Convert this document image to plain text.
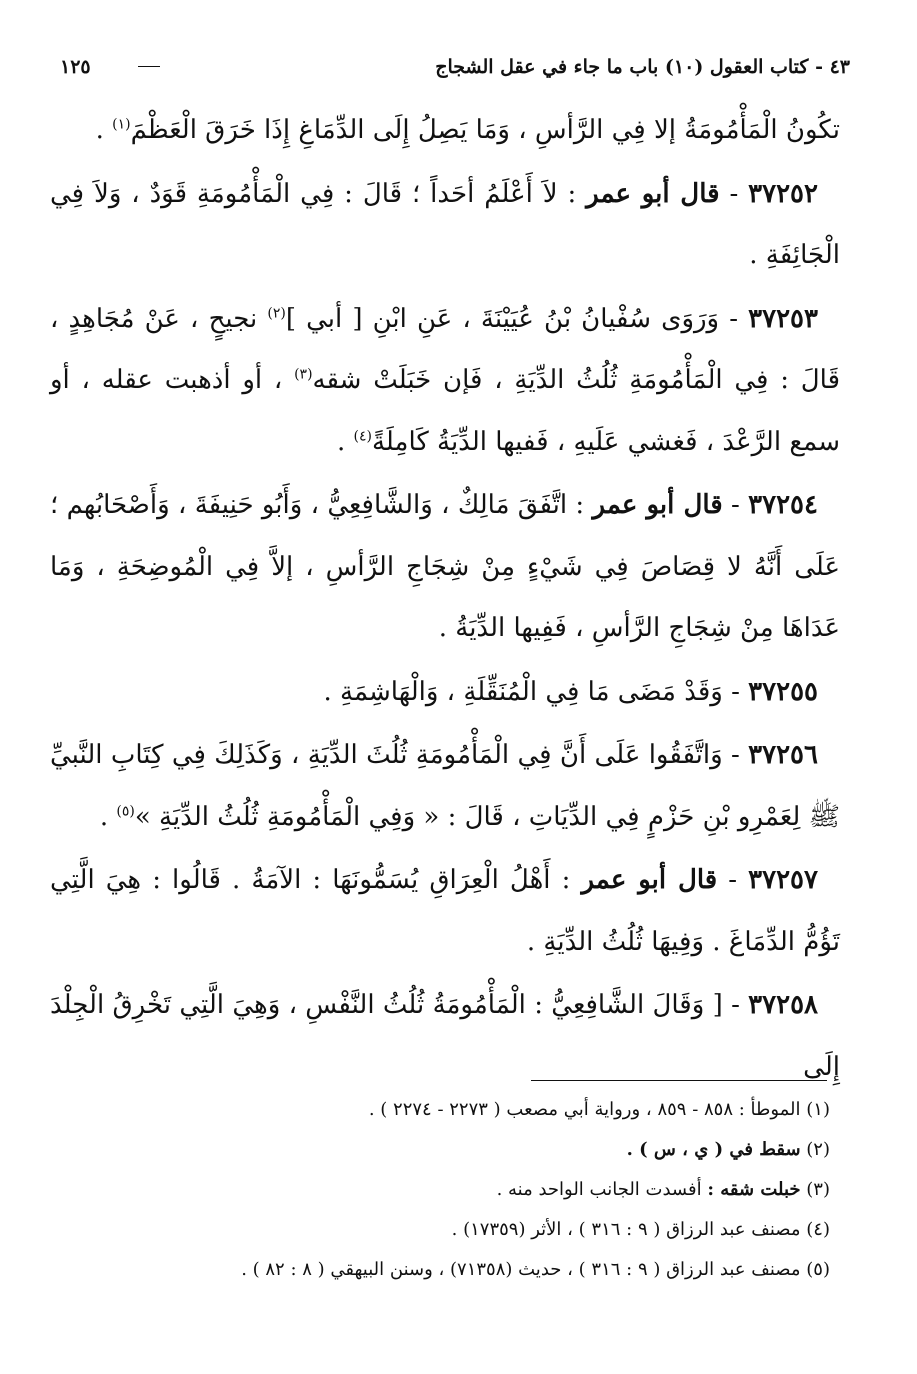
٤٣ - كتاب العقول (١٠) باب ما جاء في عقل الشجاج
١٢٥

تكُونُ الْمَأْمُومَةُ إلا فِي الرَّأسِ ، وَمَا يَصِلُ إِلَى الدِّمَاغِ إِذَا خَرَقَ الْعَظْمَ$^{(١)}$ .

٣٧٢٥٢ - قال أبو عمر : لاَ أَعْلَمُ أحَداً ؛ قَالَ : فِي الْمَأْمُومَةِ قَوَدٌ ، وَلاَ فِي الْجَائِفَةِ .

٣٧٢٥٣ - وَرَوَى سُفْيانُ بْنُ عُيَيْنَةَ ، عَنِ ابْنِ [ أبي ]$^{(٢)}$ نجيحٍ ، عَنْ مُجَاهِدٍ ، قَالَ : فِي الْمَأْمُومَةِ ثُلُثُ الدِّيَةِ ، فَإن خَبَلَتْ شقه$^{(٣)}$ ، أو أذهبت عقله ، أو سمع الرَّعْدَ ، فَغشي عَلَيهِ ، فَفيها الدِّيَةُ كَامِلَةً$^{(٤)}$ .

٣٧٢٥٤ - قال أبو عمر : اتَّفَقَ مَالِكٌ ، وَالشَّافِعِيُّ ، وَأَبُو حَنِيفَةَ ، وَأَصْحَابُهم ؛ عَلَى أَنَّهُ لا قِصَاصَ فِي شَيْءٍ مِنْ شِجَاجِ الرَّأسِ ، إلاَّ فِي الْمُوضِحَةِ ، وَمَا عَدَاهَا مِنْ شِجَاجِ الرَّأسِ ، فَفِيها الدِّيَةُ .

٣٧٢٥٥ - وَقَدْ مَضَى مَا فِي الْمُنَقِّلَةِ ، وَالْهَاشِمَةِ .

٣٧٢٥٦ - وَاتَّفَقُوا عَلَى أَنَّ فِي الْمَأْمُومَةِ ثُلُثَ الدِّيَةِ ، وَكَذَلِكَ فِي كِتَابِ النَّبيِّ ﷺ لِعَمْرِو بْنِ حَزْمٍ فِي الدِّيَاتِ ، قَالَ : « وَفِي الْمَأْمُومَةِ ثُلُثُ الدِّيَةِ »$^{(٥)}$ .

٣٧٢٥٧ - قال أبو عمر : أَهْلُ الْعِرَاقِ يُسَمُّونَهَا : الآمَةُ . قَالُوا : هِيَ الَّتِي تَؤُمُّ الدِّمَاغَ . وَفِيهَا ثُلُثُ الدِّيَةِ .

٣٧٢٥٨ - [ وَقَالَ الشَّافِعِيُّ : الْمَأْمُومَةُ ثُلُثُ النَّفْسِ ، وَهِيَ الَّتِي تَخْرِقُ الْجِلْدَ إِلَى

(١) الموطأ : ٨٥٨ - ٨٥٩ ، ورواية أبي مصعب ( ٢٢٧٣ - ٢٢٧٤ ) .

(٢) سقط في ( ي ، س ) .

(٣) خبلت شقه : أفسدت الجانب الواحد منه .

(٤) مصنف عبد الرزاق ( ٩ : ٣١٦ ) ، الأثر (١٧٣٥٩) .

(٥) مصنف عبد الرزاق ( ٩ : ٣١٦ ) ، حديث (٧١٣٥٨) ، وسنن البيهقي ( ٨ : ٨٢ ) .
